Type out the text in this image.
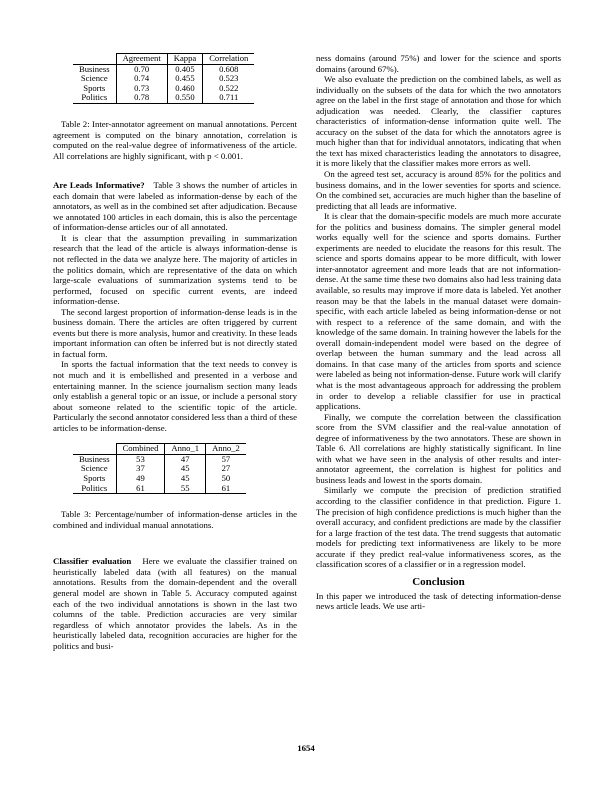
	Agreement	Kappa	Correlation
Business	0.70	0.405	0.608
Science	0.74	0.455	0.523
Sports	0.73	0.460	0.522
Politics	0.78	0.550	0.711

Table 2: Inter-annotator agreement on manual annotations. Percent agreement is computed on the binary annotation, correlation is computed on the real-value degree of informativeness of the article. All correlations are highly significant, with p < 0.001.

Are Leads Informative? Table 3 shows the number of articles in each domain that were labeled as information-dense by each of the annotators, as well as in the combined set after adjudication. Because we annotated 100 articles in each domain, this is also the percentage of information-dense articles our of all annotated.

It is clear that the assumption prevailing in summarization research that the lead of the article is always information-dense is not reflected in the data we analyze here. The majority of articles in the politics domain, which are representative of the data on which large-scale evaluations of summarization systems tend to be performed, focused on specific current events, are indeed information-dense.

The second largest proportion of information-dense leads is in the business domain. There the articles are often triggered by current events but there is more analysis, humor and creativity. In these leads important information can often be inferred but is not directly stated in factual form.

In sports the factual information that the text needs to convey is not much and it is embellished and presented in a verbose and entertaining manner. In the science journalism section many leads only establish a general topic or an issue, or include a personal story about someone related to the scientific topic of the article. Particularly the second annotator considered less than a third of these articles to be information-dense.

	Combined	Anno_1	Anno_2
Business	53	47	57
Science	37	45	27
Sports	49	45	50
Politics	61	55	61

Table 3: Percentage/number of information-dense articles in the combined and individual manual annotations.

Classifier evaluation Here we evaluate the classifier trained on heuristically labeled data (with all features) on the manual annotations. Results from the domain-dependent and the overall general model are shown in Table 5. Accuracy computed against each of the two individual annotations is shown in the last two columns of the table. Prediction accuracies are very similar regardless of which annotator provides the labels. As in the heuristically labeled data, recognition accuracies are higher for the politics and busi-

ness domains (around 75%) and lower for the science and sports domains (around 67%).

We also evaluate the prediction on the combined labels, as well as individually on the subsets of the data for which the two annotators agree on the label in the first stage of annotation and those for which adjudication was needed. Clearly, the classifier captures characteristics of information-dense information quite well. The accuracy on the subset of the data for which the annotators agree is much higher than that for individual annotators, indicating that when the text has mixed characteristics leading the annotators to disagree, it is more likely that the classifier makes more errors as well.

On the agreed test set, accuracy is around 85% for the politics and business domains, and in the lower seventies for sports and science. On the combined set, accuracies are much higher than the baseline of predicting that all leads are informative.

It is clear that the domain-specific models are much more accurate for the politics and business domains. The simpler general model works equally well for the science and sports domains. Further experiments are needed to elucidate the reasons for this result. The science and sports domains appear to be more difficult, with lower inter-annotator agreement and more leads that are not information-dense. At the same time these two domains also had less training data available, so results may improve if more data is labeled. Yet another reason may be that the labels in the manual dataset were domain-specific, with each article labeled as being information-dense or not with respect to a reference of the same domain, and with the knowledge of the same domain. In training however the labels for the overall domain-independent model were based on the degree of overlap between the human summary and the lead across all domains. In that case many of the articles from sports and science were labeled as being not information-dense. Future work will clarify what is the most advantageous approach for addressing the problem in order to develop a reliable classifier for use in practical applications.

Finally, we compute the correlation between the classification score from the SVM classifier and the real-value annotation of degree of informativeness by the two annotators. These are shown in Table 6. All correlations are highly statistically significant. In line with what we have seen in the analysis of other results and inter-annotator agreement, the correlation is highest for politics and business leads and lowest in the sports domain.

Similarly we compute the precision of prediction stratified according to the classifier confidence in that prediction. Figure 1. The precision of high confidence predictions is much higher than the overall accuracy, and confident predictions are made by the classifier for a large fraction of the test data. The trend suggests that automatic models for predicting text informativeness are likely to be more accurate if they predict real-value informativeness scores, as the classification scores of a classifier or in a regression model.

Conclusion

In this paper we introduced the task of detecting information-dense news article leads. We use arti-

1654
